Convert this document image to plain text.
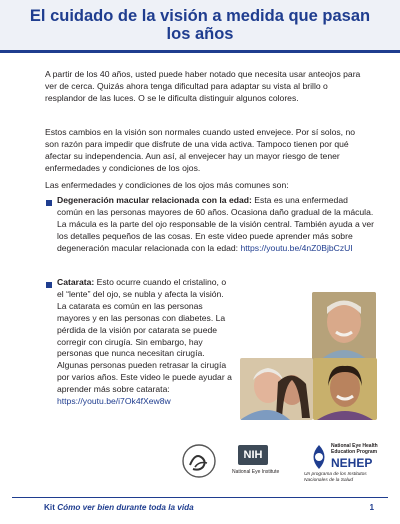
El cuidado de la visión a medida que pasan los años

A partir de los 40 años, usted puede haber notado que necesita usar anteojos para ver de cerca. Quizás ahora tenga dificultad para adaptar su vista al brillo o resplandor de las luces. O se le dificulta distinguir algunos colores.

Estos cambios en la visión son normales cuando usted envejece. Por sí solos, no son razón para impedir que disfrute de una vida activa. Tampoco tienen por qué afectar su independencia. Aun así, al envejecer hay un mayor riesgo de tener enfermedades y condiciones de los ojos.

Las enfermedades y condiciones de los ojos más comunes son:

Degeneración macular relacionada con la edad: Esta es una enfermedad común en las personas mayores de 60 años. Ocasiona daño gradual de la mácula. La mácula es la parte del ojo responsable de la visión central. También ayuda a ver los detalles pequeños de las cosas. En este video puede aprender más sobre degeneración macular relacionada con la edad: https://youtu.be/4nZ0BjbCzUI

Catarata: Esto ocurre cuando el cristalino, o el “lente” del ojo, se nubla y afecta la visión. La catarata es común en las personas mayores y en las personas con diabetes. La pérdida de la visión por catarata se puede corregir con cirugía. Sin embargo, hay personas que nunca necesitan cirugía. Algunas personas pueden retrasar la cirugía por varios años. Este video le puede ayudar a aprender más sobre catarata: https://youtu.be/i7Ok4fXew8w

NIH

National Eye Institute

National Eye Health Education Program

NEHEP

Un programa de los Institutos Nacionales de la Salud

Kit Cómo ver bien durante toda la vida	1
